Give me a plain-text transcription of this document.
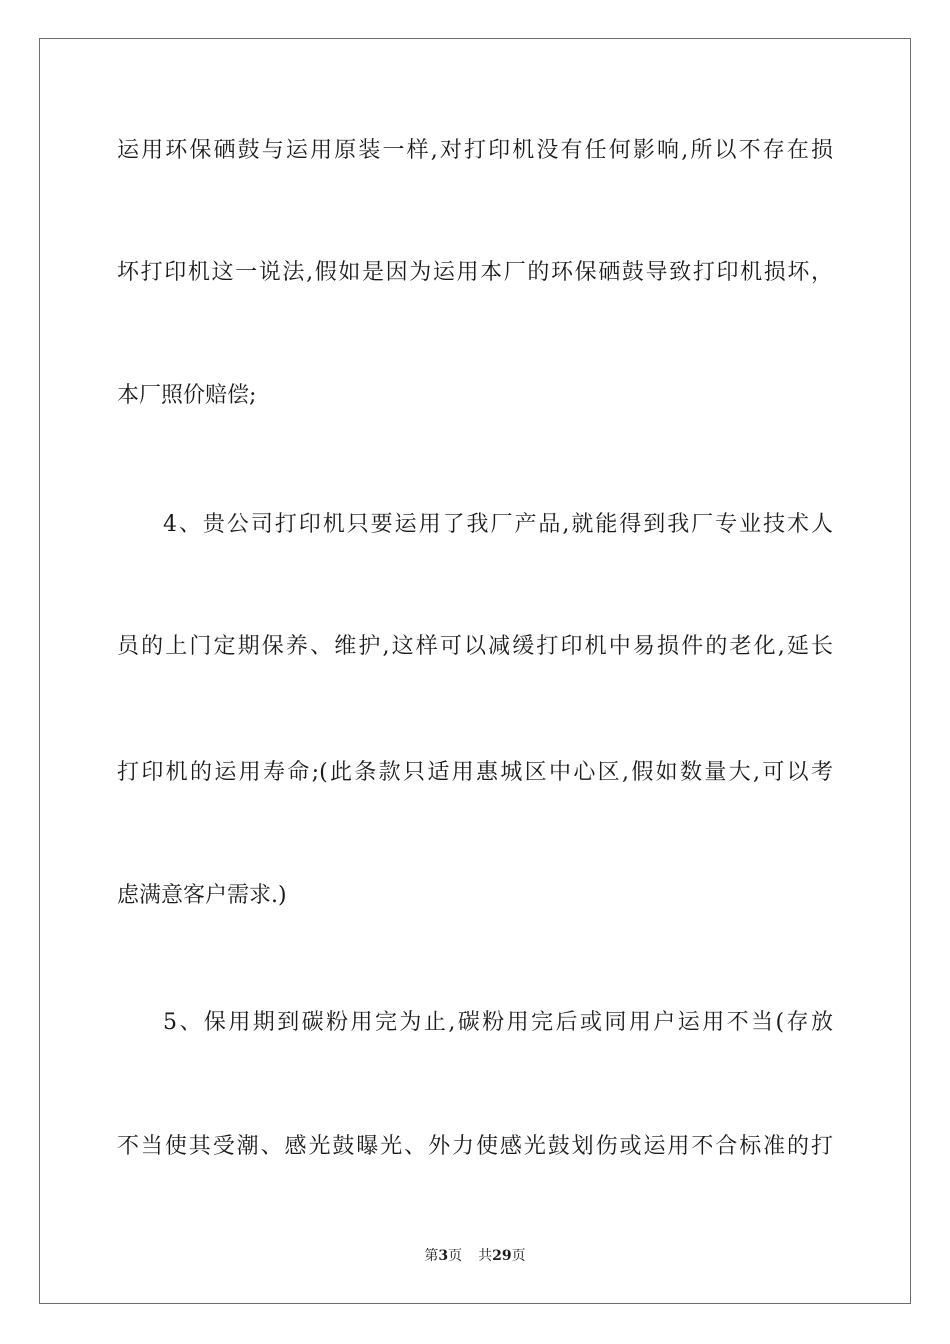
运用环保硒鼓与运用原装一样,对打印机没有任何影响,所以不存在损
坏打印机这一说法,假如是因为运用本厂的环保硒鼓导致打印机损坏，
本厂照价赔偿;
4、贵公司打印机只要运用了我厂产品,就能得到我厂专业技术人
员的上门定期保养、维护,这样可以减缓打印机中易损件的老化,延长
打印机的运用寿命;(此条款只适用惠城区中心区,假如数量大,可以考
虑满意客户需求.)
5、保用期到碳粉用完为止,碳粉用完后或同用户运用不当(存放
不当使其受潮、感光鼓曝光、外力使感光鼓划伤或运用不合标准的打
第3页 共29页
